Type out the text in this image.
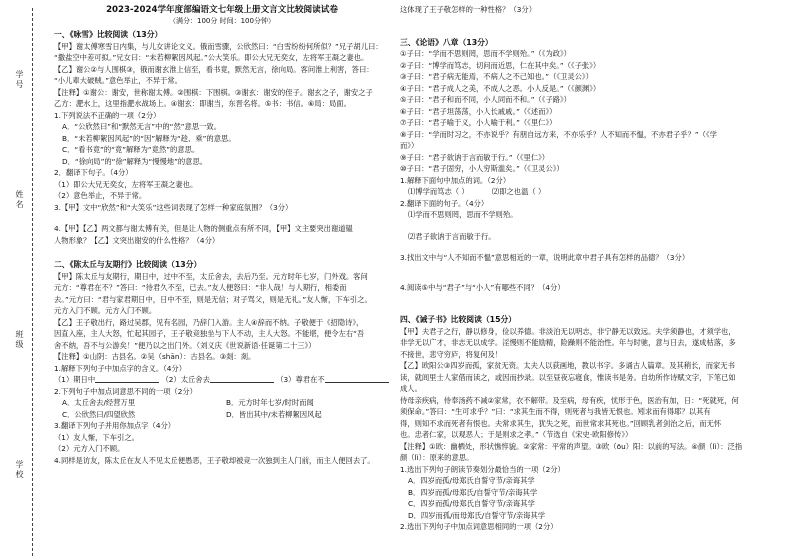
学号
姓名
班级
学校
2023-2024学年度部编语文七年级上册文言文比较阅读试卷
（满分：100分 时间：100分钟）
一、《咏雪》比较阅读（13分）

【甲】谢太傅寒雪日内集，与儿女讲论文义。俄而雪骤，公欣然曰：“白雪纷纷何所似？”兄子胡儿曰：

“撒盐空中差可拟。”兄女曰：“未若柳絮因风起。”公大笑乐。即公大兄无奕女，左将军王凝之妻也。

【乙】谢公②与人围棋③，俄而谢玄淮上信至，看书竟，默然无言，徐向局。客问淮上利害，答曰：

“小儿辈大破贼。”意色举止，不异于常。

【注释】①谢公：谢安，世称谢太傅。②围棋：下围棋。③谢玄：谢安的侄子。谢玄之子，谢安之子

乙方：淝水上，这里指淝水战场上。④谢玄：即谢当，东晋名将。⑤书：书信。⑥局：局面。

1.下列说法不正确的一项（2分）

A．“公欣然曰”和“默然无言”中的“然”意思一致。

B．“未若柳絮因风起”的“因”解释为“趁、乘”的意思。

C．“看书竟”的“竟”解释为“竟然”的意思。

D．“徐向局”的“徐”解释为“慢慢地”的意思。

2．翻译下句子。（4分）

（1）即公大兄无奕女，左将军王凝之妻也。

（2）意色举止，不异于常。

3.【甲】文中“欣然”和“大笑乐”这些词表现了怎样一种家庭氛围？（3分）

4.【甲】【乙】两文都与谢太傅有关，但是让人物的侧重点有所不同，【甲】文主要突出谢道韫

人物形象？【乙】文突出谢安的什么性格？（4分）

二、《陈太丘与友期行》比较阅读（13分）

【甲】陈太丘与友期行，期日中，过中不至，太丘舍去，去后乃至。元方时年七岁，门外戏。客问

元方：“尊君在不？”答曰：“待君久不至，已去。”友人便怒曰：“非人哉！与人期行，相委而

去。”元方曰：“君与家君期日中，日中不至，则是无信；对子骂父，则是无礼。”友人惭，下车引之。

元方入门不顾。元方入门不顾。

【乙】王子敬出行，路过吴郡，见有名园，乃辞门入游。主人④辞而不纳。子敬便于《招隐诗》，

因直入座，主人大怒，忙起其园子，王子敬竞独坐与下人不动，主人大怒。不能堪，便令左右“吾

舍不纳，吾不与公游矣！”便乃以之出门外。（刘义庆《世说新语·任诞第二十三》）

【注释】①山阴：古县名。②吴（shān）：古县名。③剡：剡。

1.解释下列句子中加点字的含义。（4分）

（1）期日中	（2）太丘舍去	（3）尊君在不

2.下列句子中加点词意思不同的一项（2分）

A．太丘舍去/经营万里	B．元方时年七岁/时时而闻
C．公欣然曰/四望欣然	D．皆出其中/未若柳絮因风起

3.翻译下列句子并用你加点字（4分）

（1）友人惭，下车引之。

（2）元方入门不顾。

4.同样是访友，陈太丘在友人不见太丘便愚恶，王子敬却被竞一次独到主人门前，而主人便回去了。

这体现了王子敬怎样的一种性格？（3分）

三、《论语》八章（13分）

①子曰：“学而不思则罔，思而不学则殆。”（《为政》）

②子曰：“博学而笃志，切问而近思，仁在其中矣。”（《子张》）

③子曰：“君子病无能焉，不病人之不己知也。”（《卫灵公》）

④子曰：“君子成人之美，不成人之恶。小人反是。”（《颜渊》）

⑤子曰：“君子和而不同，小人同而不和。”（《子路》）

⑥子曰：“君子坦荡荡，小人长戚戚。”（《述而》）

⑦子曰：“君子喻于义，小人喻于利。”（《里仁》）

⑧子曰：“学而时习之，不亦说乎？有朋自远方来，不亦乐乎？人不知而不愠，不亦君子乎？”（《学

而》）

⑨子曰：“君子欲讷于言而敏于行。”（《里仁》）

⑩子曰：“君子固穷，小人穷斯滥矣。”（《卫灵公》）

1.解释下面句中加点的词。（2分）

⑴博学而笃志（ ）	⑵即之也温（ ）

2.翻译下面的句子。（4分）

⑴学而不思则罔，思而不学则殆。

⑵君子欲讷于言而敏于行。

3.找出文中与“人不知而不愠”意思相近的一章，说明此章中君子具有怎样的品德？（3分）

4.阅读⑤中与“君子”与“小人”有哪些不同？（4分）

四、《诫子书》比较阅读（15分）

【甲】夫君子之行，静以修身，俭以养德。非淡泊无以明志，非宁静无以致远。夫学须静也，才须学也，

非学无以广才，非志无以成学。淫慢则不能励精，险躁则不能治性。年与时驰，意与日去，遂成枯落，多

不接世，悲守穷庐，将复何及！

【乙】欧阳公③四岁而孤，家贫无资。太夫人以荻画地，教以书字。多诵古人篇章。及其稍长，而家无书

读，就闾里士人家借而读之，或因而抄录。以至昼夜忘寝食，惟读书是务。自幼所作诗赋文字，下笔已如

成人。

侍母亲疾病，侍奉汤药不减②家常，衣不解带。及至病，母有疾，忧形于色，医治有加，日：“死就死，何

须保命。”答曰：“生可求乎？”曰：“求其生而不得，则死者与我皆无恨也。矧求而有得耶？以其有

得，则知不求而死者有恨也。夫常求其生，犹失之死，而世常求其死也。”回顾乳者剑治之后，而无怀

也。忠者仁家，以观恶人；于是则求之孝。”（节选自《宋史·欧阳修传》）

【注释】①欧：幽栖处，形状憔悴貌。②家常：平常的声望。③欧（ōu）阳：以前的写法。④颜（lì）：泛指

颜（lì）：原来的意思。

1.选出下列句子朗读节奏划分最恰当的一项（2分）

A．四岁而孤/母郑氏自誓守节/亲诲其学

B．四岁而孤/母郑氏/自誓守节/亲诲其学

C．四岁而孤/母郑氏自誓守节/亲诲其学

D．四岁而孤/而母郑氏/自誓守节/亲诲其学

2.选出下列句子中加点词意思相同的一项（2分）
